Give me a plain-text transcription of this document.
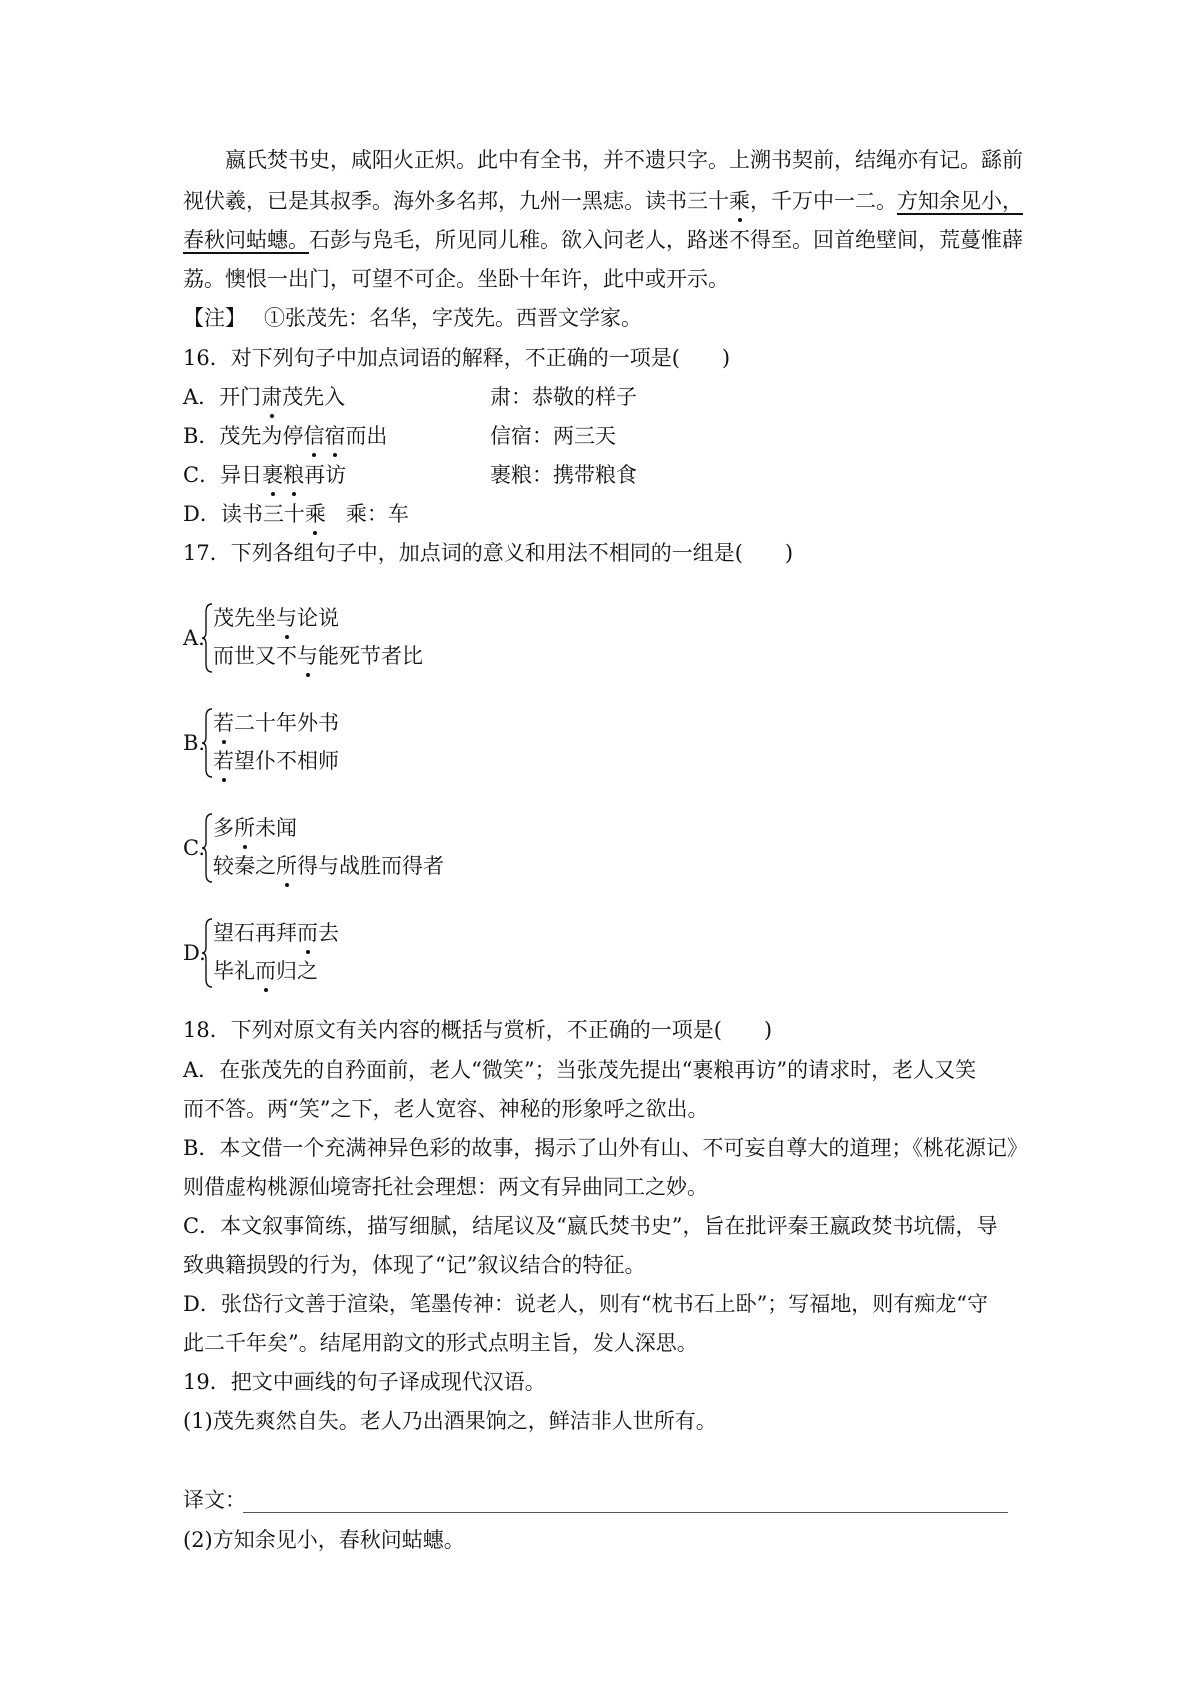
嬴氏焚书史，咸阳火正炽。此中有全书，并不遗只字。上溯书契前，结绳亦有记。繇前
视伏羲，已是其叔季。海外多名邦，九州一黑痣。读书三十乘，千万中一二。方知余见小，
春秋问蛄蟪。石彭与凫毛，所见同儿稚。欲入问老人，路迷不得至。回首绝壁间，荒蔓惟薜
荔。懊恨一出门，可望不可企。坐卧十年许，此中或开示。
【注】 ①张茂先：名华，字茂先。西晋文学家。
16．对下列句子中加点词语的解释，不正确的一项是(　　)
A．开门肃茂先入	肃：恭敬的样子
B．茂先为停信宿而出	信宿：两三天
C．异日裹粮再访	裹粮：携带粮食
D．读书三十乘 乘：车
17．下列各组句子中，加点词的意义和用法不相同的一组是(　　)
A.
茂先坐与论说
而世又不与能死节者比
B.
若二十年外书
若望仆不相师
C.
多所未闻
较秦之所得与战胜而得者
D.
望石再拜而去
毕礼而归之
18．下列对原文有关内容的概括与赏析，不正确的一项是(　　)
A．在张茂先的自矜面前，老人“微笑”；当张茂先提出“裹粮再访”的请求时，老人又笑
而不答。两“笑”之下，老人宽容、神秘的形象呼之欲出。
B．本文借一个充满神异色彩的故事，揭示了山外有山、不可妄自尊大的道理；《桃花源记》
则借虚构桃源仙境寄托社会理想：两文有异曲同工之妙。
C．本文叙事简练，描写细腻，结尾议及“嬴氏焚书史”，旨在批评秦王嬴政焚书坑儒，导
致典籍损毁的行为，体现了“记”叙议结合的特征。
D．张岱行文善于渲染，笔墨传神：说老人，则有“枕书石上卧”；写福地，则有痴龙“守
此二千年矣”。结尾用韵文的形式点明主旨，发人深思。
19．把文中画线的句子译成现代汉语。
(1)茂先爽然自失。老人乃出酒果饷之，鲜洁非人世所有。
译文：
(2)方知余见小，春秋问蛄蟪。
